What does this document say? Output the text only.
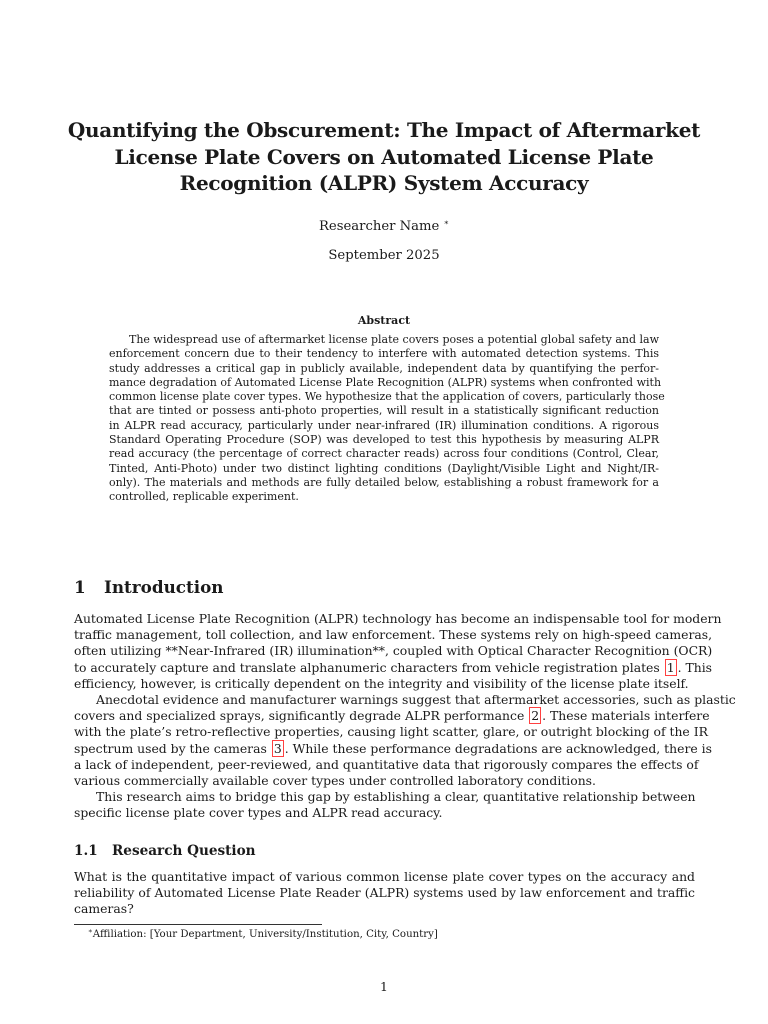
Quantifying the Obscurement: The Impact of Aftermarket
License Plate Covers on Automated License Plate
Recognition (ALPR) System Accuracy
Researcher Name ∗
September 2025
Abstract
The widespread use of aftermarket license plate covers poses a potential global safety and law
enforcement concern due to their tendency to interfere with automated detection systems. This
study addresses a critical gap in publicly available, independent data by quantifying the perfor-
mance degradation of Automated License Plate Recognition (ALPR) systems when confronted with
common license plate cover types. We hypothesize that the application of covers, particularly those
that are tinted or possess anti-photo properties, will result in a statistically significant reduction
in ALPR read accuracy, particularly under near-infrared (IR) illumination conditions. A rigorous
Standard Operating Procedure (SOP) was developed to test this hypothesis by measuring ALPR
read accuracy (the percentage of correct character reads) across four conditions (Control, Clear,
Tinted, Anti-Photo) under two distinct lighting conditions (Daylight/Visible Light and Night/IR-
only). The materials and methods are fully detailed below, establishing a robust framework for a
controlled, replicable experiment.
1 Introduction
Automated License Plate Recognition (ALPR) technology has become an indispensable tool for modern
traffic management, toll collection, and law enforcement. These systems rely on high-speed cameras,
often utilizing **Near-Infrared (IR) illumination**, coupled with Optical Character Recognition (OCR)
to accurately capture and translate alphanumeric characters from vehicle registration plates 1 . This
efficiency, however, is critically dependent on the integrity and visibility of the license plate itself.
Anecdotal evidence and manufacturer warnings suggest that aftermarket accessories, such as plastic
covers and specialized sprays, significantly degrade ALPR performance 2 . These materials interfere
with the plate’s retro-reflective properties, causing light scatter, glare, or outright blocking of the IR
spectrum used by the cameras 3 . While these performance degradations are acknowledged, there is
a lack of independent, peer-reviewed, and quantitative data that rigorously compares the effects of
various commercially available cover types under controlled laboratory conditions.
This research aims to bridge this gap by establishing a clear, quantitative relationship between
specific license plate cover types and ALPR read accuracy.
1.1 Research Question
What is the quantitative impact of various common license plate cover types on the accuracy and
reliability of Automated License Plate Reader (ALPR) systems used by law enforcement and traffic
cameras?
∗Affiliation: [Your Department, University/Institution, City, Country]
1
